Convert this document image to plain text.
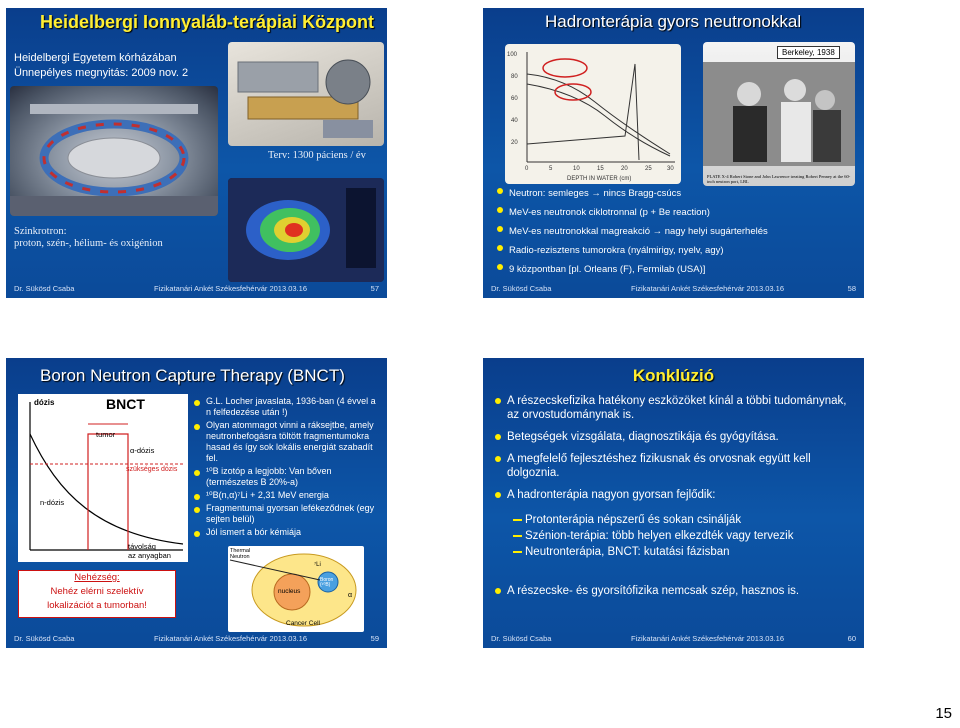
Heidelbergi Ionnyaláb-terápiai Központ
Heidelbergi Egyetem kórházában
Ünnepélyes megnyitás: 2009 nov. 2
Terv: 1300 páciens / év
Szinkrotron:
proton, szén-, hélium- és oxigénion
Dr. Sükösd Csaba	Fizikatanári Ankét Székesfehérvár 2013.03.16	57
Hadronterápia gyors neutronokkal
100
80
60
40
20
0	5	10	15	20	25	30
DEPTH IN WATER (cm)
Berkeley, 1938
PLATE X-4 Robert Stone and John Lawrence treating Robert Penney at the 60-inch neutron port, LBL
Neutron: semleges → nincs Bragg-csúcs
MeV-es neutronok ciklotronnal (p + Be reaction)
MeV-es neutronokkal magreakció → nagy helyi sugárterhelés
Radio-rezisztens tumorokra (nyálmirigy, nyelv, agy)
9 központban [pl. Orleans (F), Fermilab (USA)]
Dr. Sükösd Csaba	Fizikatanári Ankét Székesfehérvár 2013.03.16	58
Boron Neutron Capture Therapy (BNCT)
dózis	BNCT
tumor
α-dózis
szükséges dózis
n-dózis
távolság
az anyagban
Nehézség:
Nehéz elérni szelektív
lokalizációt a tumorban!
G.L. Locher javaslata, 1936-ban (4 évvel a n felfedezése után !)
Olyan atommagot vinni a ráksejtbe, amely neutronbefogásra töltött fragmentumokra hasad és így sok lokális energiát szabadít fel.
¹⁰B izotóp a legjobb: Van bőven (természetes B 20%-a)
¹⁰B(n,α)⁷Li + 2,31 MeV energia
Fragmentumai gyorsan lefékeződnek (egy sejten belül)
Jól ismert a bór kémiája
Thermal Neutron
nucleus
Boron (¹⁰B)
⁷Li
α
Cancer Cell
Dr. Sükösd Csaba	Fizikatanári Ankét Székesfehérvár 2013.03.16	59
Konklúzió
A részecskefizika hatékony eszközöket kínál a többi tudománynak, az orvostudománynak is.
Betegségek vizsgálata, diagnosztikája és gyógyítása.
A megfelelő fejlesztéshez fizikusnak és orvosnak együtt kell dolgoznia.
A hadronterápia nagyon gyorsan fejlődik:
Protonterápia népszerű és sokan csinálják
Szénion-terápia: több helyen elkezdték vagy tervezik
Neutronterápia, BNCT: kutatási fázisban
A részecske- és gyorsítófizika nemcsak szép, hasznos is.
Dr. Sükösd Csaba	Fizikatanári Ankét Székesfehérvár 2013.03.16	60
15
